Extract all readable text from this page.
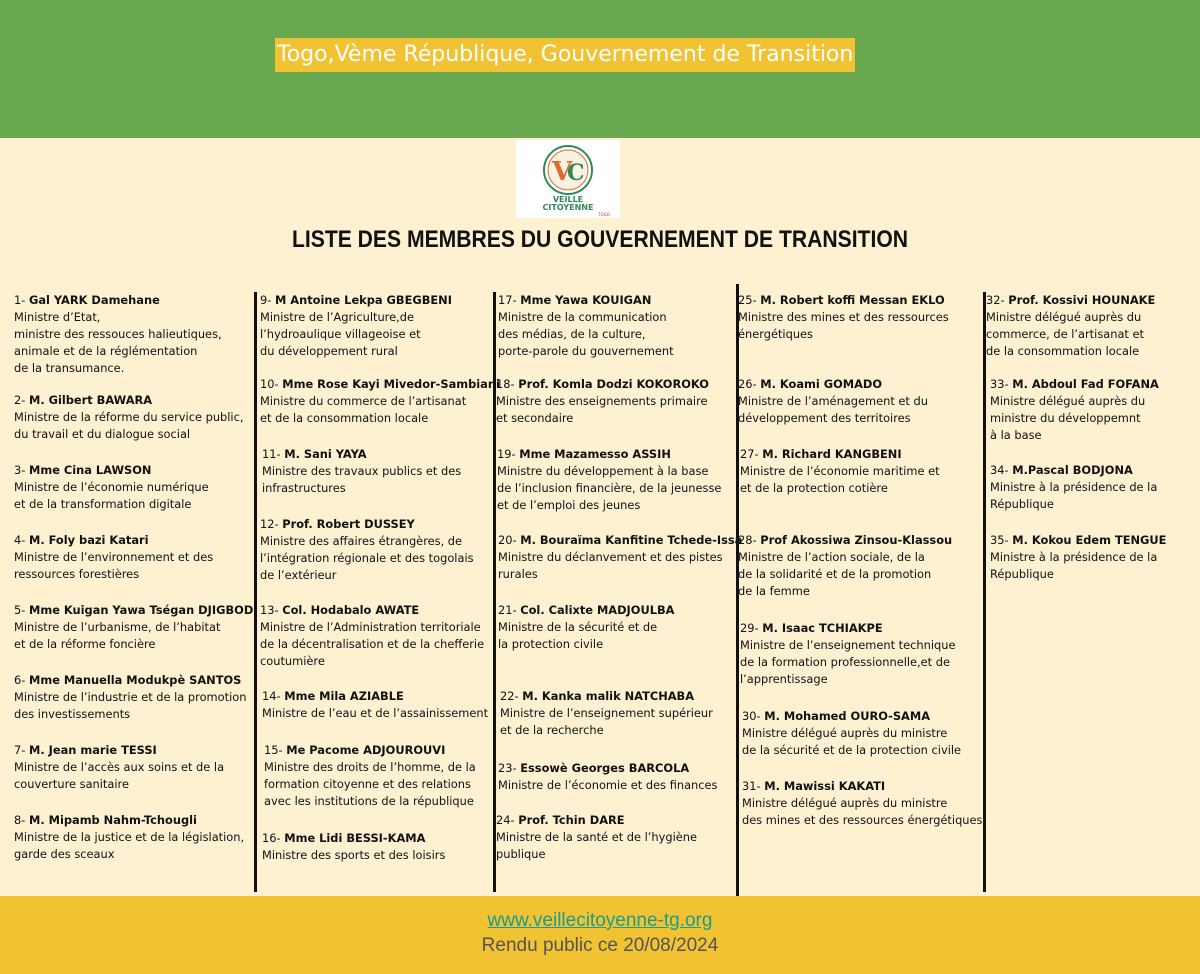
Togo,Vème République, Gouvernement de Transition
V
C
VEILLE
CITOYENNE
TOGO
LISTE DES MEMBRES DU GOUVERNEMENT DE TRANSITION
1- Gal YARK Damehane
Ministre d’Etat,
ministre des ressouces halieutiques,
animale et de la réglémentation
de la transumance.
2- M. Gilbert BAWARA
Ministre de la réforme du service public,
du travail et du dialogue social
3- Mme Cina LAWSON
Ministre de l’économie numérique
et de la transformation digitale
4- M. Foly bazi Katari
Ministre de l’environnement et des
ressources forestières
5- Mme Kuigan Yawa Tségan DJIGBODI
Ministre de l’urbanisme, de l’habitat
et de la réforme foncière
6- Mme Manuella Modukpè SANTOS
Ministre de l’industrie et de la promotion
des investissements
7- M. Jean marie TESSI
Ministre de l’accès aux soins et de la
couverture sanitaire
8- M. Mipamb Nahm-Tchougli
Ministre de la justice et de la législation,
garde des sceaux
9- M Antoine Lekpa GBEGBENI
Ministre de l’Agriculture,de
l’hydroaulique villageoise et
du développement rural
10- Mme Rose Kayi Mivedor-Sambiani
Ministre du commerce de l’artisanat
et de la consommation locale
11- M. Sani YAYA
Ministre des travaux publics et des
infrastructures
12- Prof. Robert DUSSEY
Ministre des affaires étrangères, de
l’intégration régionale et des togolais
de l’extérieur
13- Col. Hodabalo AWATE
Ministre de l’Administration territoriale
de la décentralisation et de la chefferie
coutumière
14- Mme Mila AZIABLE
Ministre de l’eau et de l’assainissement
15- Me Pacome ADJOUROUVI
Ministre des droits de l’homme, de la
formation citoyenne et des relations
avec les institutions de la république
16- Mme Lidi BESSI-KAMA
Ministre des sports et des loisirs
17- Mme Yawa KOUIGAN
Ministre de la communication
des médias, de la culture,
porte-parole du gouvernement
18- Prof. Komla Dodzi KOKOROKO
Ministre des enseignements primaire
et secondaire
19- Mme Mazamesso ASSIH
Ministre du développement à la base
de l’inclusion financière, de la jeunesse
et de l’emploi des jeunes
20- M. Bouraïma Kanfitine Tchede-Issa
Ministre du déclanvement et des pistes
rurales
21- Col. Calixte MADJOULBA
Ministre de la sécurité et de
la protection civile
22- M. Kanka malik NATCHABA
Ministre de l’enseignement supérieur
et de la recherche
23- Essowè Georges BARCOLA
Ministre de l’économie et des finances
24- Prof. Tchin DARE
Ministre de la santé et de l’hygiène
publique
25- M. Robert koffi Messan EKLO
Ministre des mines et des ressources
énergétiques
26- M. Koami GOMADO
Ministre de l’aménagement et du
développement des territoires
27- M. Richard KANGBENI
Ministre de l’économie maritime et
et de la protection cotière
28- Prof Akossiwa Zinsou-Klassou
Ministre de l’action sociale, de la
de la solidarité et de la promotion
de la femme
29- M. Isaac TCHIAKPE
Ministre de l’enseignement technique
de la formation professionnelle,et de
l’apprentissage
30- M. Mohamed OURO-SAMA
Ministre délégué auprès du ministre
de la sécurité et de la protection civile
31- M. Mawissi KAKATI
Ministre délégué auprès du ministre
des mines et des ressources énergétiques
32- Prof. Kossivi HOUNAKE
Ministre délégué auprès du
commerce, de l’artisanat et
de la consommation locale
33- M. Abdoul Fad FOFANA
Ministre délégué auprès du
ministre du développemnt
à la base
34- M.Pascal BODJONA
Ministre à la présidence de la
République
35- M. Kokou Edem TENGUE
Ministre à la présidence de la
République
www.veillecitoyenne-tg.org
Rendu public ce 20/08/2024
